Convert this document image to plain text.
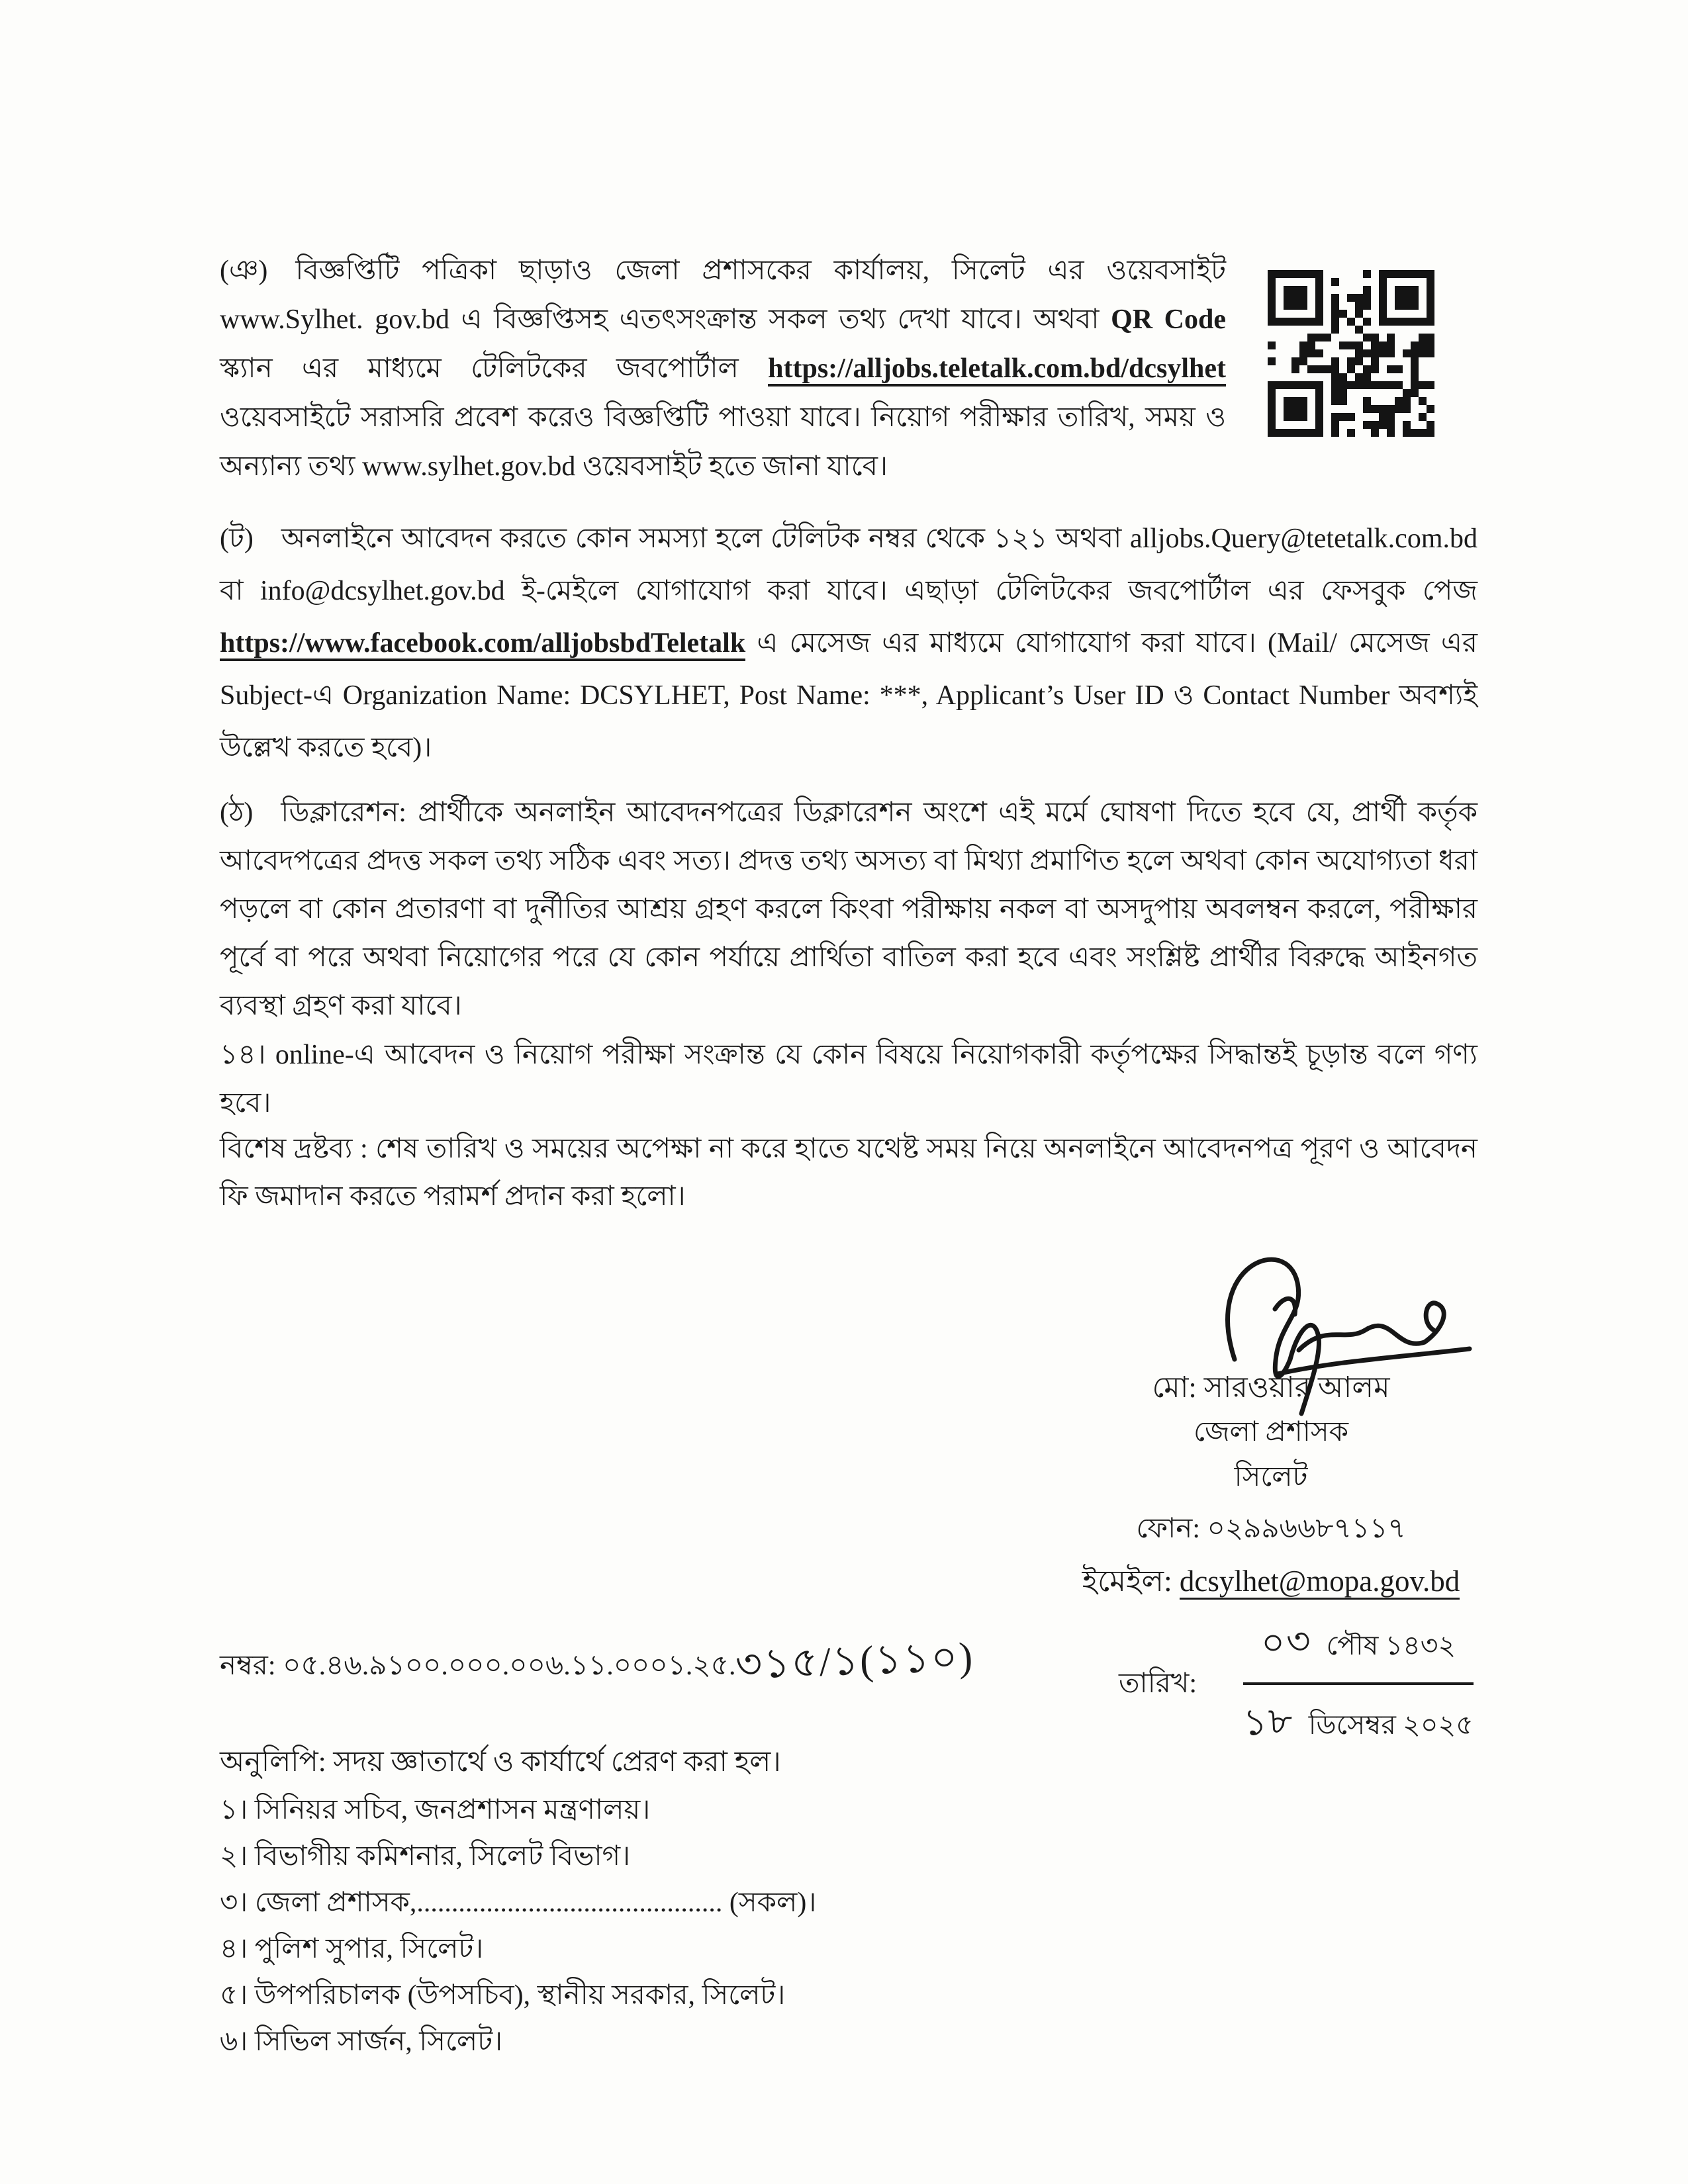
(ঞ) বিজ্ঞপ্তিটি পত্রিকা ছাড়াও জেলা প্রশাসকের কার্যালয়, সিলেট এর ওয়েবসাইট www.Sylhet. gov.bd এ বিজ্ঞপ্তিসহ এতৎসংক্রান্ত সকল তথ্য দেখা যাবে। অথবা QR Code স্ক্যান এর মাধ্যমে টেলিটকের জবপোর্টাল https://alljobs.teletalk.com.bd/dcsylhet ওয়েবসাইটে সরাসরি প্রবেশ করেও বিজ্ঞপ্তিটি পাওয়া যাবে। নিয়োগ পরীক্ষার তারিখ, সময় ও অন্যান্য তথ্য www.sylhet.gov.bd ওয়েবসাইট হতে জানা যাবে।
(ট) অনলাইনে আবেদন করতে কোন সমস্যা হলে টেলিটক নম্বর থেকে ১২১ অথবা alljobs.Query@tetetalk.com.bd বা info@dcsylhet.gov.bd ই-মেইলে যোগাযোগ করা যাবে। এছাড়া টেলিটকের জবপোর্টাল এর ফেসবুক পেজ https://www.facebook.com/alljobsbdTeletalk এ মেসেজ এর মাধ্যমে যোগাযোগ করা যাবে। (Mail/ মেসেজ এর Subject-এ Organization Name: DCSYLHET, Post Name: ***, Applicant’s User ID ও Contact Number অবশ্যই উল্লেখ করতে হবে)।
(ঠ) ডিক্লারেশন: প্রার্থীকে অনলাইন আবেদনপত্রের ডিক্লারেশন অংশে এই মর্মে ঘোষণা দিতে হবে যে, প্রার্থী কর্তৃক আবেদপত্রের প্রদত্ত সকল তথ্য সঠিক এবং সত্য। প্রদত্ত তথ্য অসত্য বা মিথ্যা প্রমাণিত হলে অথবা কোন অযোগ্যতা ধরা পড়লে বা কোন প্রতারণা বা দুর্নীতির আশ্রয় গ্রহণ করলে কিংবা পরীক্ষায় নকল বা অসদুপায় অবলম্বন করলে, পরীক্ষার পূর্বে বা পরে অথবা নিয়োগের পরে যে কোন পর্যায়ে প্রার্থিতা বাতিল করা হবে এবং সংশ্লিষ্ট প্রার্থীর বিরুদ্ধে আইনগত ব্যবস্থা গ্রহণ করা যাবে।
১৪। online-এ আবেদন ও নিয়োগ পরীক্ষা সংক্রান্ত যে কোন বিষয়ে নিয়োগকারী কর্তৃপক্ষের সিদ্ধান্তই চূড়ান্ত বলে গণ্য হবে।
বিশেষ দ্রষ্টব্য : শেষ তারিখ ও সময়ের অপেক্ষা না করে হাতে যথেষ্ট সময় নিয়ে অনলাইনে আবেদনপত্র পূরণ ও আবেদন ফি জমাদান করতে পরামর্শ প্রদান করা হলো।
মো: সারওয়ার আলম
জেলা প্রশাসক
সিলেট
ফোন: ০২৯৯৬৬৮৭১১৭
ইমেইল: dcsylhet@mopa.gov.bd
নম্বর: ০৫.৪৬.৯১০০.০০০.০০৬.১১.০০০১.২৫.৩১৫/১(১১০)	তারিখ: $\frac{\text{০৩ পৌষ ১৪৩২}}{\text{১৮ ডিসেম্বর ২০২৫}}$
অনুলিপি: সদয় জ্ঞাতার্থে ও কার্যার্থে প্রেরণ করা হল।
১। সিনিয়র সচিব, জনপ্রশাসন মন্ত্রণালয়।
২। বিভাগীয় কমিশনার, সিলেট বিভাগ।
৩। জেলা প্রশাসক,............................................ (সকল)।
৪। পুলিশ সুপার, সিলেট।
৫। উপপরিচালক (উপসচিব), স্থানীয় সরকার, সিলেট।
৬। সিভিল সার্জন, সিলেট।
